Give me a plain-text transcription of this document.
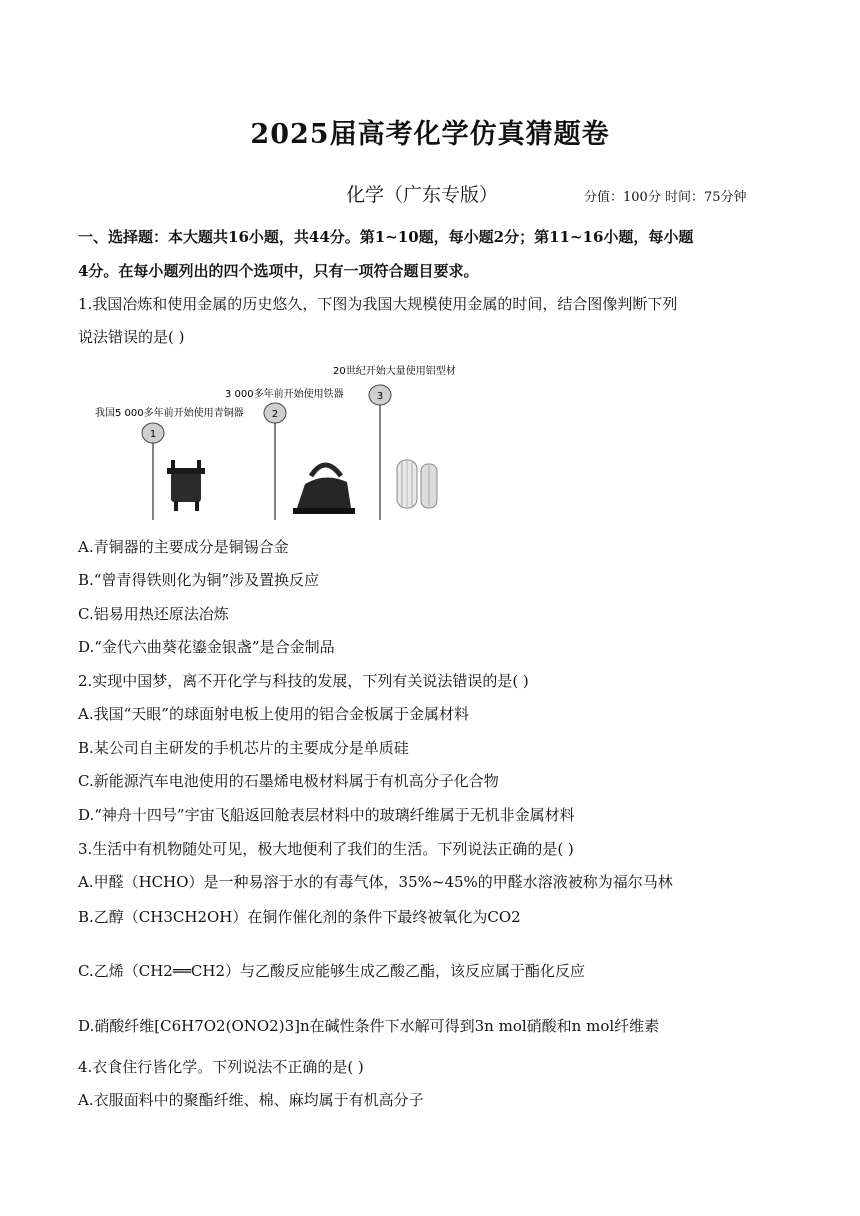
2025届高考化学仿真猜题卷
化学（广东专版）	分值：100分 时间：75分钟
一、选择题：本大题共16小题，共44分。第1~10题，每小题2分；第11~16小题，每小题
4分。在每小题列出的四个选项中，只有一项符合题目要求。
1.我国冶炼和使用金属的历史悠久，下图为我国大规模使用金属的时间，结合图像判断下列
说法错误的是( )
1
2
3
我国5 000多年前开始使用青铜器
3 000多年前开始使用铁器
20世纪开始大量使用铝型材
A.青铜器的主要成分是铜锡合金
B.“曾青得铁则化为铜”涉及置换反应
C.铝易用热还原法冶炼
D.“金代六曲葵花鎏金银盏”是合金制品
2.实现中国梦，离不开化学与科技的发展，下列有关说法错误的是( )
A.我国“天眼”的球面射电板上使用的铝合金板属于金属材料
B.某公司自主研发的手机芯片的主要成分是单质硅
C.新能源汽车电池使用的石墨烯电极材料属于有机高分子化合物
D.“神舟十四号”宇宙飞船返回舱表层材料中的玻璃纤维属于无机非金属材料
3.生活中有机物随处可见，极大地便利了我们的生活。下列说法正确的是( )
A.甲醛（HCHO）是一种易溶于水的有毒气体，35%~45%的甲醛水溶液被称为福尔马林
B.乙醇（CH3CH2OH）在铜作催化剂的条件下最终被氧化为CO2
C.乙烯（CH2══CH2）与乙酸反应能够生成乙酸乙酯，该反应属于酯化反应
D.硝酸纤维[C6H7O2(ONO2)3]n在碱性条件下水解可得到3n mol硝酸和n mol纤维素
4.衣食住行皆化学。下列说法不正确的是( )
A.衣服面料中的聚酯纤维、棉、麻均属于有机高分子
